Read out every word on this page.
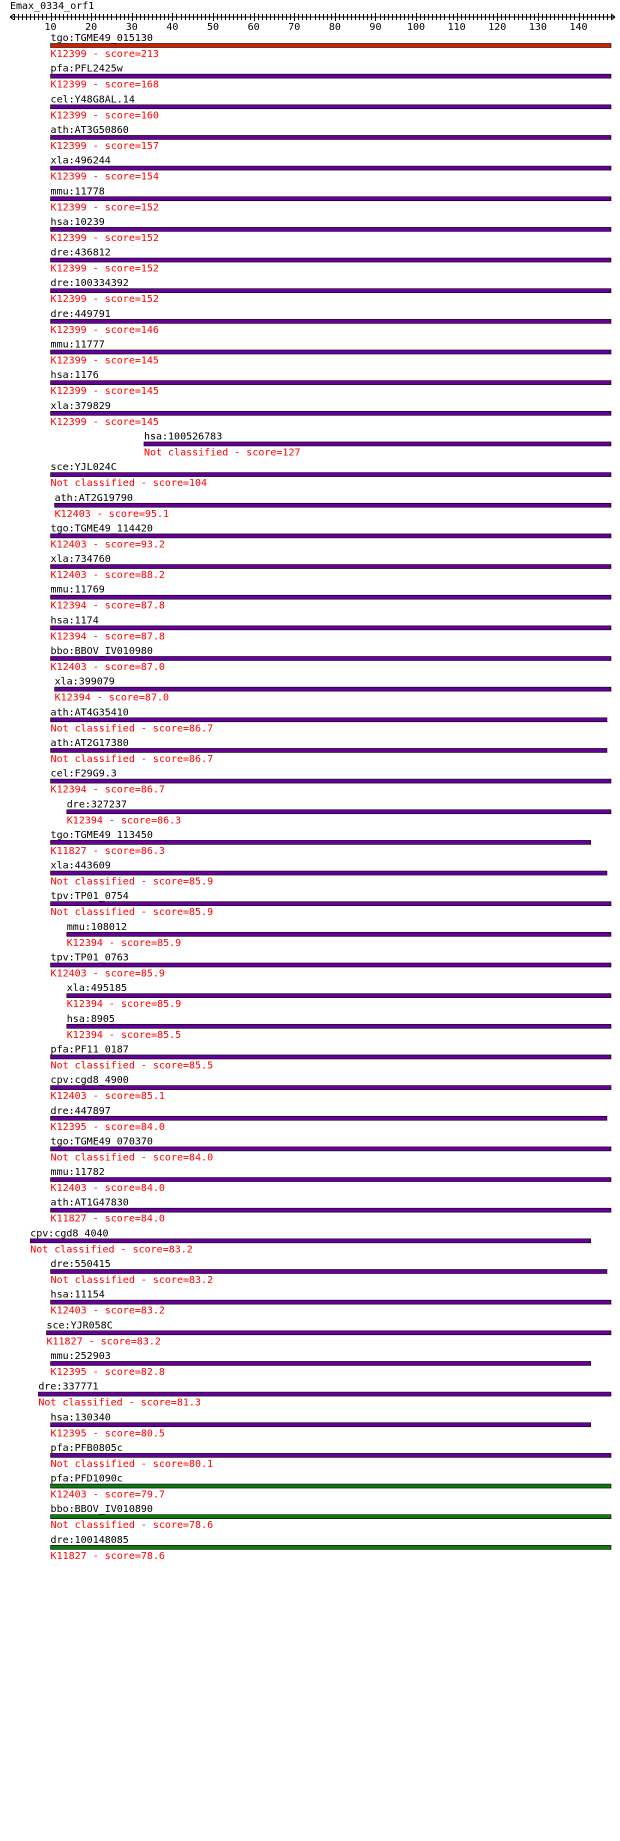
Emax_0334_orf1
10	20	30	40	50	60	70	80	90	100 110 120 130 140
tgo:TGME49_015130
K12399 - score=213
pfa:PFL2425w
K12399 - score=168
cel:Y48G8AL.14
K12399 - score=160
ath:AT3G50860
K12399 - score=157
xla:496244
K12399 - score=154
mmu:11778
K12399 - score=152
hsa:10239
K12399 - score=152
dre:436812
K12399 - score=152
dre:100334392
K12399 - score=152
dre:449791
K12399 - score=146
mmu:11777
K12399 - score=145
hsa:1176
K12399 - score=145
xla:379829
K12399 - score=145
hsa:100526783
Not classified - score=127
sce:YJL024C
Not classified - score=104
ath:AT2G19790
K12403 - score=95.1
tgo:TGME49_114420
K12403 - score=93.2
xla:734760
K12403 - score=88.2
mmu:11769
K12394 - score=87.8
hsa:1174
K12394 - score=87.8
bbo:BBOV_IV010980
K12403 - score=87.0
xla:399079
K12394 - score=87.0
ath:AT4G35410
Not classified - score=86.7
ath:AT2G17380
Not classified - score=86.7
cel:F29G9.3
K12394 - score=86.7
dre:327237
K12394 - score=86.3
tgo:TGME49_113450
K11827 - score=86.3
xla:443609
Not classified - score=85.9
tpv:TP01_0754
Not classified - score=85.9
mmu:108012
K12394 - score=85.9
tpv:TP01_0763
K12403 - score=85.9
xla:495185
K12394 - score=85.9
hsa:8905
K12394 - score=85.5
pfa:PF11_0187
Not classified - score=85.5
cpv:cgd8_4900
K12403 - score=85.1
dre:447897
K12395 - score=84.0
tgo:TGME49_070370
Not classified - score=84.0
mmu:11782
K12403 - score=84.0
ath:AT1G47830
K11827 - score=84.0
cpv:cgd8_4040
Not classified - score=83.2
dre:550415
Not classified - score=83.2
hsa:11154
K12403 - score=83.2
sce:YJR058C
K11827 - score=83.2
mmu:252903
K12395 - score=82.8
dre:337771
Not classified - score=81.3
hsa:130340
K12395 - score=80.5
pfa:PFB0805c
Not classified - score=80.1
pfa:PFD1090c
K12403 - score=79.7
bbo:BBOV_IV010890
Not classified - score=78.6
dre:100148085
K11827 - score=78.6
